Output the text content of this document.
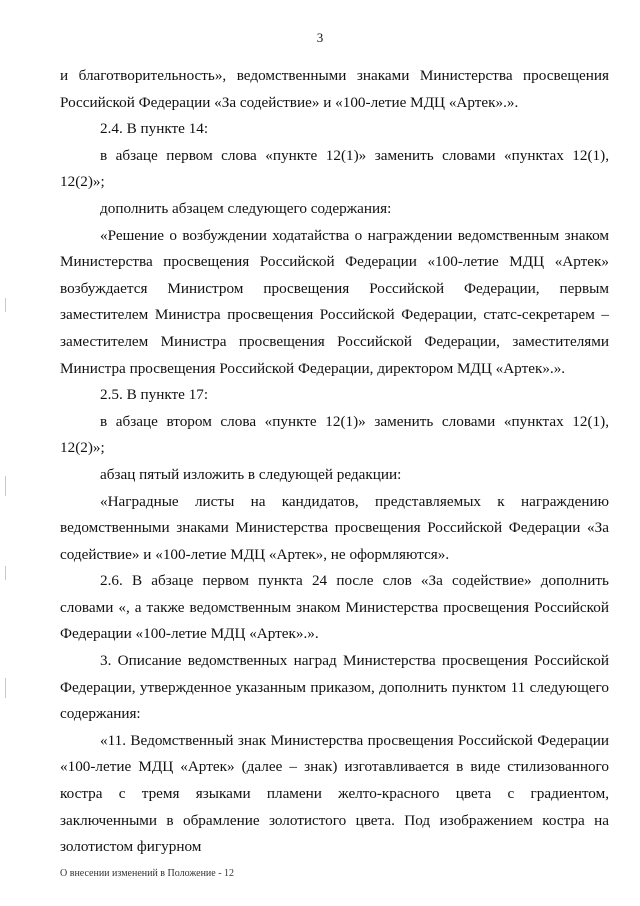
3

и благотворительность», ведомственными знаками Министерства просвещения Российской Федерации «За содействие» и «100-летие МДЦ «Артек».».

2.4. В пункте 14:

в абзаце первом слова «пункте 12(1)» заменить словами «пунктах 12(1), 12(2)»;

дополнить абзацем следующего содержания:

«Решение о возбуждении ходатайства о награждении ведомственным знаком Министерства просвещения Российской Федерации «100-летие МДЦ «Артек» возбуждается Министром просвещения Российской Федерации, первым заместителем Министра просвещения Российской Федерации, статс-секретарем – заместителем Министра просвещения Российской Федерации, заместителями Министра просвещения Российской Федерации, директором МДЦ «Артек».».

2.5. В пункте 17:

в абзаце втором слова «пункте 12(1)» заменить словами «пунктах 12(1), 12(2)»;

абзац пятый изложить в следующей редакции:

«Наградные листы на кандидатов, представляемых к награждению ведомственными знаками Министерства просвещения Российской Федерации «За содействие» и «100-летие МДЦ «Артек», не оформляются».

2.6. В абзаце первом пункта 24 после слов «За содействие» дополнить словами «, а также ведомственным знаком Министерства просвещения Российской Федерации «100-летие МДЦ «Артек».».

3. Описание ведомственных наград Министерства просвещения Российской Федерации, утвержденное указанным приказом, дополнить пунктом 11 следующего содержания:

«11. Ведомственный знак Министерства просвещения Российской Федерации «100-летие МДЦ «Артек» (далее – знак) изготавливается в виде стилизованного костра с тремя языками пламени желто-красного цвета с градиентом, заключенными в обрамление золотистого цвета. Под изображением костра на золотистом фигурном

О внесении изменений в Положение - 12
